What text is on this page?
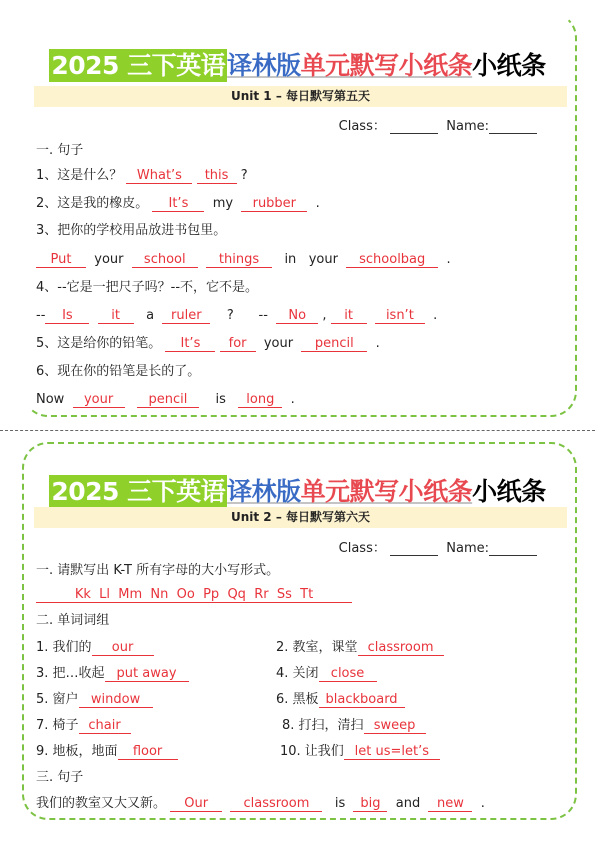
2025 三下英语译林版单元默写小纸条小纸条
Unit 1 – 每日默写第五天
Class：	Name:
一. 句子
1、这是什么？ What’s this ?
2、这是我的橡皮。 It’s my rubber .
3、把你的学校用品放进书包里。
Put your school	things in your schoolbag .
4、--它是一把尺子吗？--不，它不是。
-- Is	it a ruler ? -- No , it	isn’t .
5、这是给你的铅笔。 It’s for your pencil .
6、现在你的铅笔是长的了。
Now your	pencil is long .
2025 三下英语译林版单元默写小纸条小纸条
Unit 2 – 每日默写第六天
Class：	Name:
一. 请默写出 K-T 所有字母的大小写形式。
Kk  Ll  Mm  Nn  Oo  Pp  Qq  Rr  Ss  Tt
二. 单词词组
1. 我们的 our	2. 教室，课堂 classroom
3. 把…收起 put away	4. 关闭 close
5. 窗户 window	6. 黑板 blackboard
7. 椅子 chair	8. 打扫，清扫 sweep
9. 地板，地面 floor	10. 让我们 let us=let’s
三. 句子
我们的教室又大又新。 Our	classroom is big and new .
